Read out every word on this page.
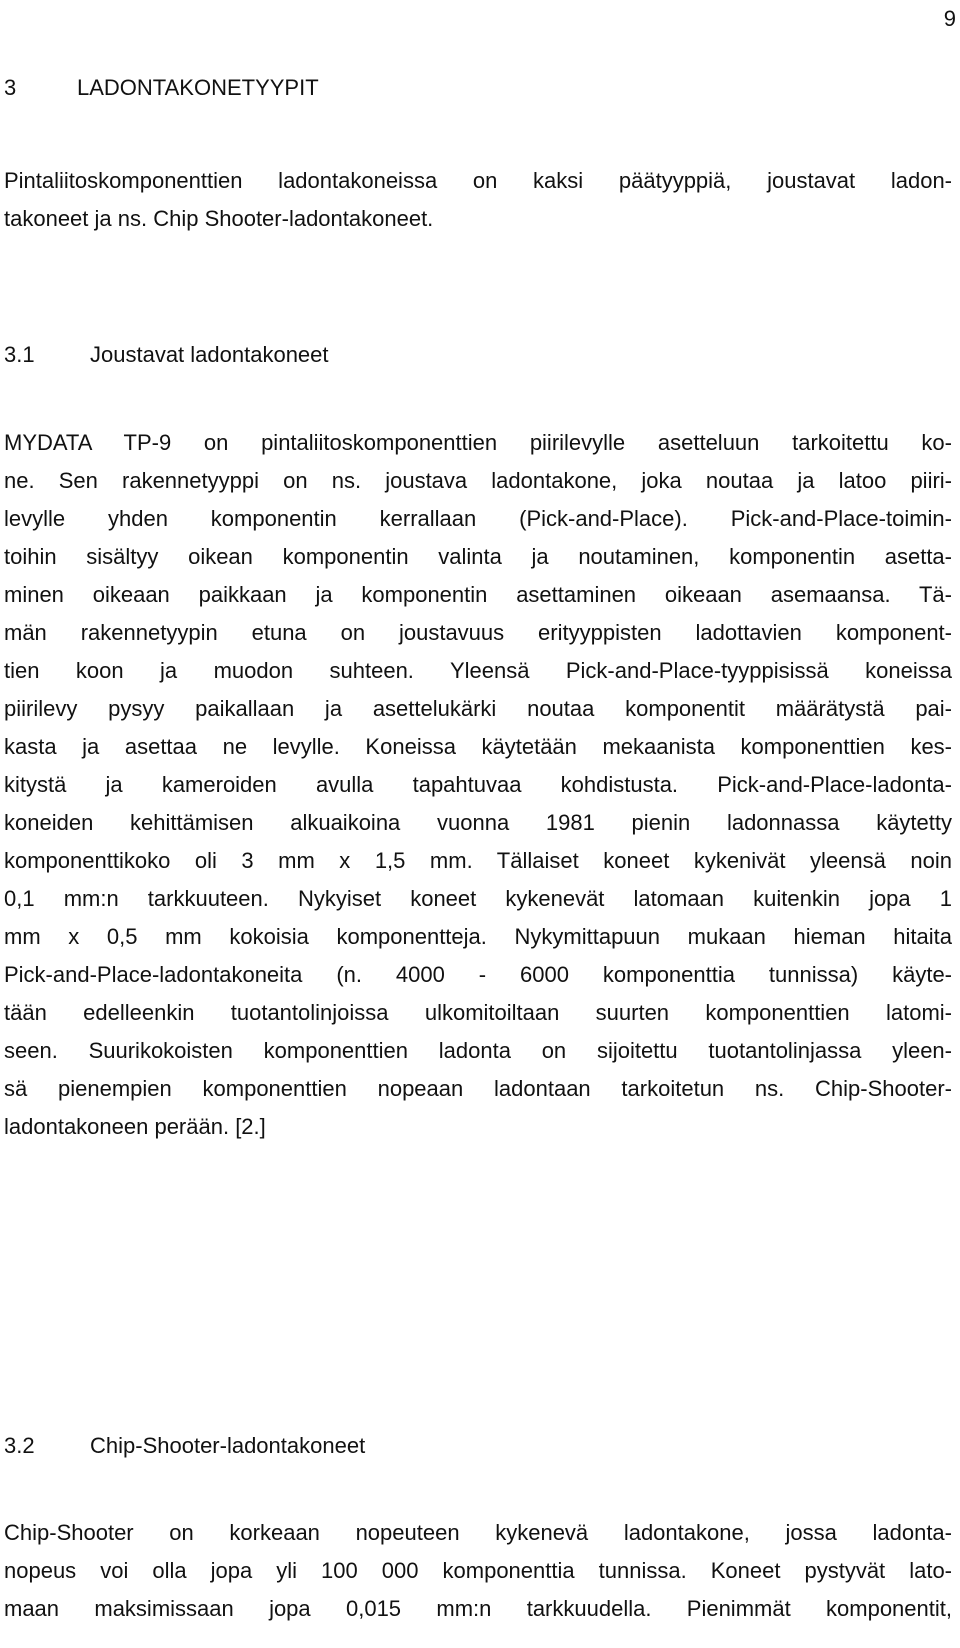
9
3	LADONTAKONETYYPIT
Pintaliitoskomponenttien ladontakoneissa on kaksi päätyyppiä, joustavat ladon-
takoneet ja ns. Chip Shooter-ladontakoneet.
3.1	Joustavat ladontakoneet
MYDATA TP-9 on pintaliitoskomponenttien piirilevylle asetteluun tarkoitettu ko-
ne. Sen rakennetyyppi on ns. joustava ladontakone, joka noutaa ja latoo piiri-
levylle yhden komponentin kerrallaan (Pick-and-Place). Pick-and-Place-toimin-
toihin sisältyy oikean komponentin valinta ja noutaminen, komponentin asetta-
minen oikeaan paikkaan ja komponentin asettaminen oikeaan asemaansa. Tä-
män rakennetyypin etuna on joustavuus erityyppisten ladottavien komponent-
tien koon ja muodon suhteen. Yleensä Pick-and-Place-tyyppisissä koneissa
piirilevy pysyy paikallaan ja asettelukärki noutaa komponentit määrätystä pai-
kasta ja asettaa ne levylle. Koneissa käytetään mekaanista komponenttien kes-
kitystä ja kameroiden avulla tapahtuvaa kohdistusta. Pick-and-Place-ladonta-
koneiden kehittämisen alkuaikoina vuonna 1981 pienin ladonnassa käytetty
komponenttikoko oli 3 mm x 1,5 mm. Tällaiset koneet kykenivät yleensä noin
0,1 mm:n tarkkuuteen. Nykyiset koneet kykenevät latomaan kuitenkin jopa 1
mm x 0,5 mm kokoisia komponentteja. Nykymittapuun mukaan hieman hitaita
Pick-and-Place-ladontakoneita (n. 4000 - 6000 komponenttia tunnissa) käyte-
tään edelleenkin tuotantolinjoissa ulkomitoiltaan suurten komponenttien latomi-
seen. Suurikokoisten komponenttien ladonta on sijoitettu tuotantolinjassa yleen-
sä pienempien komponenttien nopeaan ladontaan tarkoitetun ns. Chip-Shooter-
ladontakoneen perään. [2.]
3.2	Chip-Shooter-ladontakoneet
Chip-Shooter on korkeaan nopeuteen kykenevä ladontakone, jossa ladonta-
nopeus voi olla jopa yli 100 000 komponenttia tunnissa. Koneet pystyvät lato-
maan maksimissaan jopa 0,015 mm:n tarkkuudella. Pienimmät komponentit,
